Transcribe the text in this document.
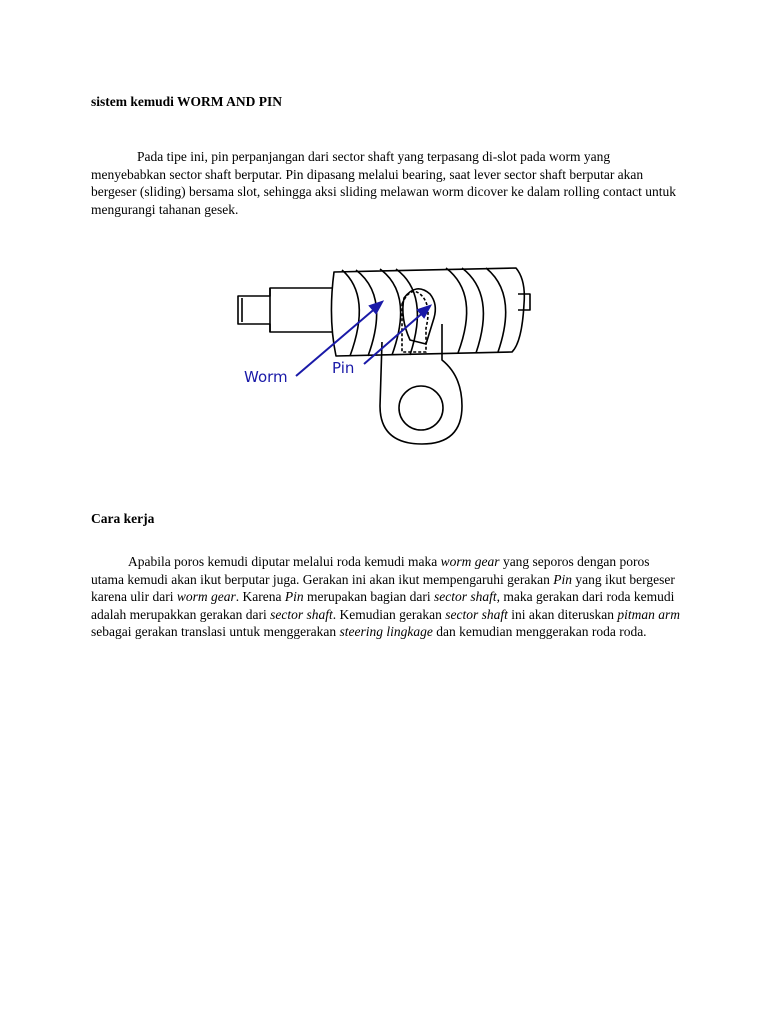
sistem kemudi WORM AND PIN

Pada tipe ini, pin perpanjangan dari sector shaft yang terpasang di-slot pada worm yang menyebabkan sector shaft berputar. Pin dipasang melalui bearing, saat lever sector shaft berputar akan bergeser (sliding) bersama slot, sehingga aksi sliding melawan worm dicover ke dalam rolling contact untuk mengurangi tahanan gesek.

Worm	Pin

Cara kerja

Apabila poros kemudi diputar melalui roda kemudi maka worm gear yang seporos dengan poros utama kemudi akan ikut berputar juga. Gerakan ini akan ikut mempengaruhi gerakan Pin yang ikut bergeser karena ulir dari worm gear. Karena Pin merupakan bagian dari sector shaft, maka gerakan dari roda kemudi adalah merupakkan gerakan dari sector shaft. Kemudian gerakan sector shaft ini akan diteruskan pitman arm sebagai gerakan translasi untuk menggerakan steering lingkage dan kemudian menggerakan roda roda.
